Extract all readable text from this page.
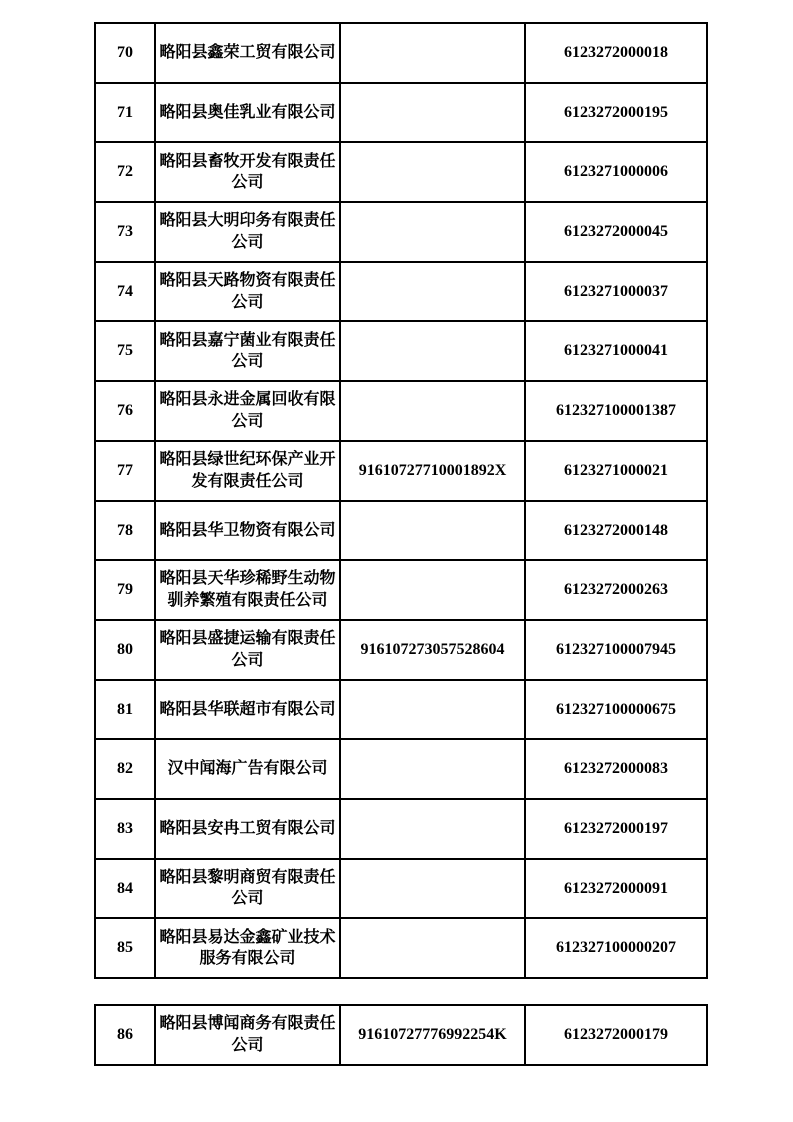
70	略阳县鑫荣工贸有限公司		6123272000018
71	略阳县奥佳乳业有限公司		6123272000195
72	略阳县畜牧开发有限责任公司		6123271000006
73	略阳县大明印务有限责任公司		6123272000045
74	略阳县天路物资有限责任公司		6123271000037
75	略阳县嘉宁菌业有限责任公司		6123271000041
76	略阳县永进金属回收有限公司		612327100001387
77	略阳县绿世纪环保产业开发有限责任公司	91610727710001892X	6123271000021
78	略阳县华卫物资有限公司		6123272000148
79	略阳县天华珍稀野生动物驯养繁殖有限责任公司		6123272000263
80	略阳县盛捷运输有限责任公司	916107273057528604	612327100007945
81	略阳县华联超市有限公司		612327100000675
82	汉中闻海广告有限公司		6123272000083
83	略阳县安冉工贸有限公司		6123272000197
84	略阳县黎明商贸有限责任公司		6123272000091
85	略阳县易达金鑫矿业技术服务有限公司		612327100000207
86	略阳县博闻商务有限责任公司	91610727776992254K	6123272000179
